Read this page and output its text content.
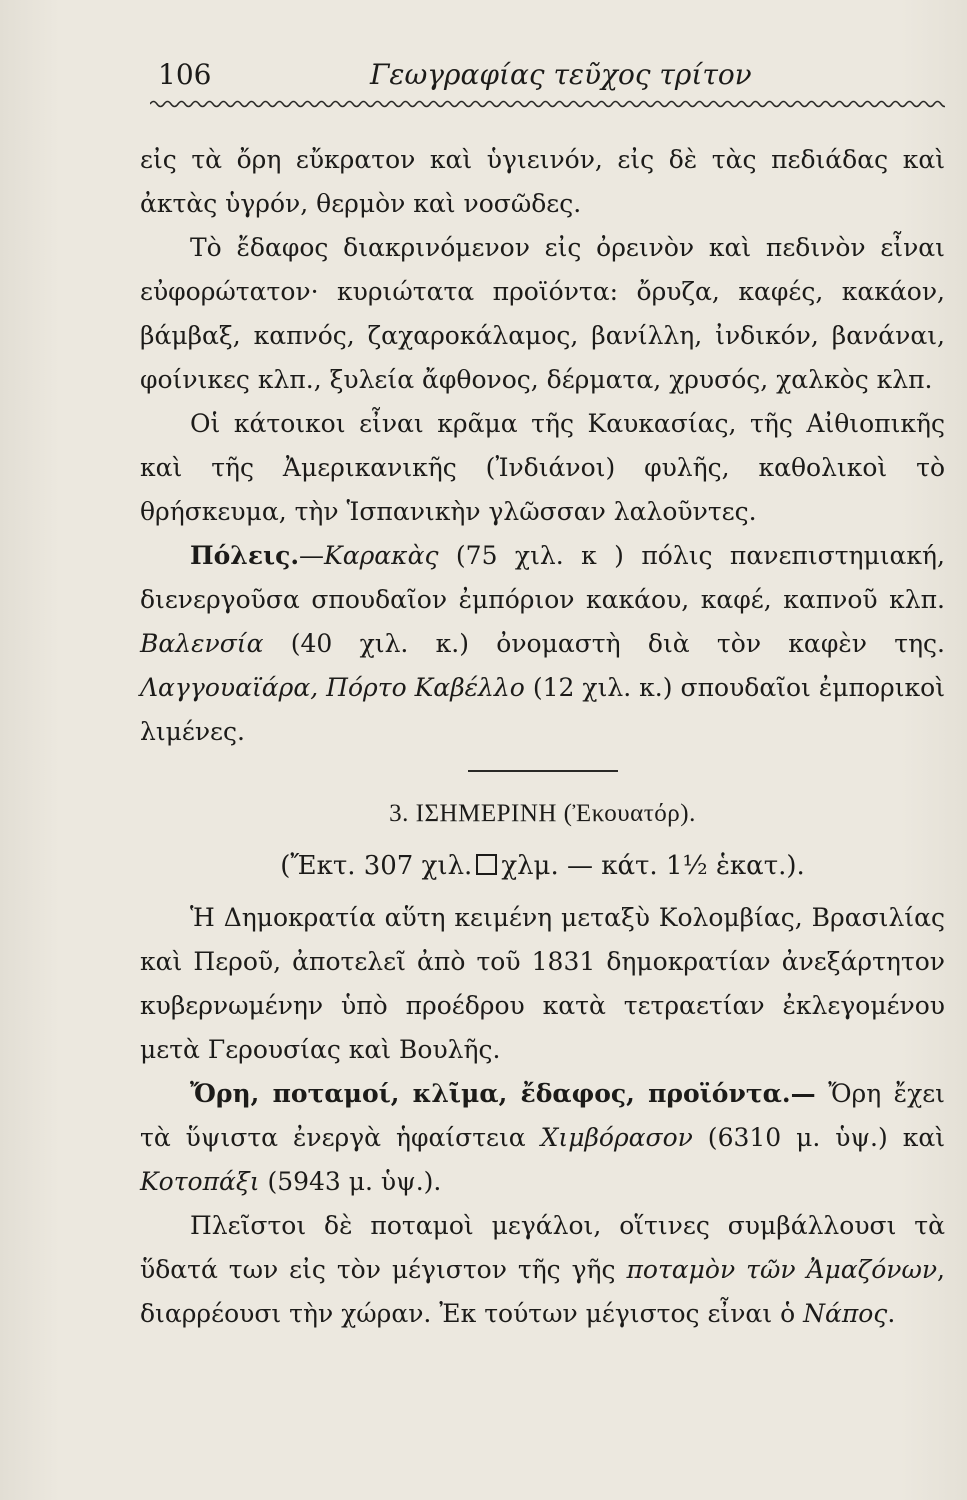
106	Γεωγραφίας τεῦχος τρίτον

εἰς τὰ ὄρη εὔκρατον καὶ ὑγιεινόν, εἰς δὲ τὰς πεδιάδας καὶ ἀκτὰς ὑγρόν, θερμὸν καὶ νοσῶδες.

Τὸ ἔδαφος διακρινόμενον εἰς ὀρεινὸν καὶ πεδινὸν εἶναι εὐφορώτατον· κυριώτατα προϊόντα: ὄρυζα, καφές, κακάον, βάμβαξ, καπνός, ζαχαροκάλαμος, βανίλλη, ἰνδικόν, βανάναι, φοίνικες κλπ., ξυλεία ἄφθονος, δέρματα, χρυσός, χαλκὸς κλπ.

Οἱ κάτοικοι εἶναι κρᾶμα τῆς Καυκασίας, τῆς Αἰθιοπικῆς καὶ τῆς Ἀμερικανικῆς (Ἰνδιάνοι) φυλῆς, καθολικοὶ τὸ θρήσκευμα, τὴν Ἱσπανικὴν γλῶσσαν λαλοῦντες.

Πόλεις.—Καρακὰς (75 χιλ. κ ) πόλις πανεπιστημιακή, διενεργοῦσα σπουδαῖον ἐμπόριον κακάου, καφέ, καπνοῦ κλπ. Βαλενσία (40 χιλ. κ.) ὀνομαστὴ διὰ τὸν καφὲν της. Λαγγουαϊάρα, Πόρτο Καβέλλο (12 χιλ. κ.) σπουδαῖοι ἐμπορικοὶ λιμένες.

3. ΙΣΗΜΕΡΙΝΗ (Ἐκουατόρ).
(Ἔκτ. 307 χιλ. χλμ. — κάτ. 1½ ἑκατ.).

Ἡ Δημοκρατία αὕτη κειμένη μεταξὺ Κολομβίας, Βρασιλίας καὶ Περοῦ, ἀποτελεῖ ἀπὸ τοῦ 1831 δημοκρατίαν ἀνεξάρτητον κυβερνωμένην ὑπὸ προέδρου κατὰ τετραετίαν ἐκλεγομένου μετὰ Γερουσίας καὶ Βουλῆς.

Ὄρη, ποταμοί, κλῖμα, ἔδαφος, προϊόντα.— Ὄρη ἔχει τὰ ὕψιστα ἐνεργὰ ἡφαίστεια Χιμβόρασον (6310 μ. ὑψ.) καὶ Κοτοπάξι (5943 μ. ὑψ.).

Πλεῖστοι δὲ ποταμοὶ μεγάλοι, οἵτινες συμβάλλουσι τὰ ὕδατά των εἰς τὸν μέγιστον τῆς γῆς ποταμὸν τῶν Ἀμαζόνων, διαρρέουσι τὴν χώραν. Ἐκ τούτων μέγιστος εἶναι ὁ Νάπος.
